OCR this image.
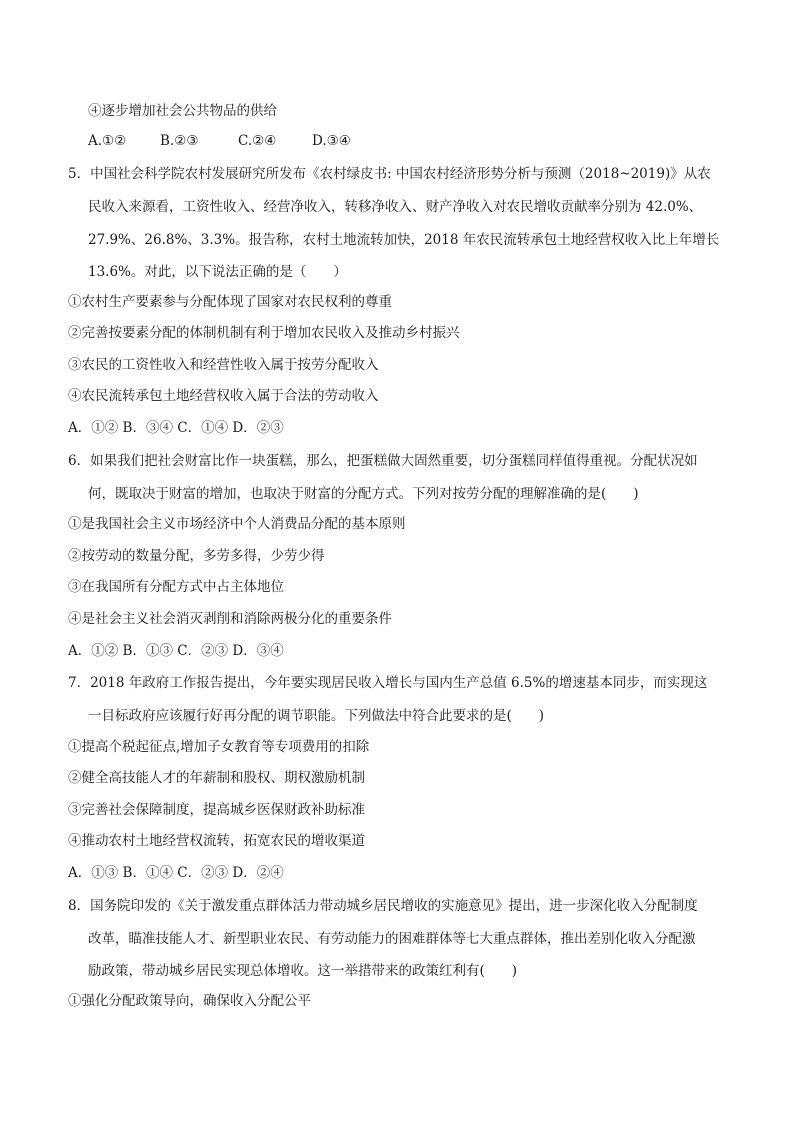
④逐步增加社会公共物品的供给
A.①②	B.②③	C.②④	D.③④
5．中国社会科学院农村发展研究所发布《农村绿皮书: 中国农村经济形势分析与预测（2018~2019)》从农
民收入来源看，工资性收入、经营净收入，转移净收入、财产净收入对农民增收贡献率分别为 42.0%、
27.9%、26.8%、3.3%。报告称，农村土地流转加快，2018 年农民流转承包土地经营权收入比上年增长
13.6%。对此，以下说法正确的是（　　）
①农村生产要素参与分配体现了国家对农民权利的尊重
②完善按要素分配的体制机制有利于增加农民收入及推动乡村振兴
③农民的工资性收入和经营性收入属于按劳分配收入
④农民流转承包土地经营权收入属于合法的劳动收入
A．①② B．③④ C．①④ D．②③
6．如果我们把社会财富比作一块蛋糕，那么，把蛋糕做大固然重要，切分蛋糕同样值得重视。分配状况如
何，既取决于财富的增加，也取决于财富的分配方式。下列对按劳分配的理解准确的是(　　)
①是我国社会主义市场经济中个人消费品分配的基本原则
②按劳动的数量分配，多劳多得，少劳少得
③在我国所有分配方式中占主体地位
④是社会主义社会消灭剥削和消除两极分化的重要条件
A．①② B．①③ C．②③ D．③④
7．2018 年政府工作报告提出，今年要实现居民收入增长与国内生产总值 6.5%的增速基本同步，而实现这
一目标政府应该履行好再分配的调节职能。下列做法中符合此要求的是(　　)
①提高个税起征点,增加子女教育等专项费用的扣除
②健全高技能人才的年薪制和股权、期权激励机制
③完善社会保障制度，提高城乡医保财政补助标准
④推动农村土地经营权流转，拓宽农民的增收渠道
A．①③ B．①④ C．②③ D．②④
8．国务院印发的《关于激发重点群体活力带动城乡居民增收的实施意见》提出，进一步深化收入分配制度
改革，瞄准技能人才、新型职业农民、有劳动能力的困难群体等七大重点群体，推出差别化收入分配激
励政策，带动城乡居民实现总体增收。这一举措带来的政策红利有(　　)
①强化分配政策导向，确保收入分配公平
